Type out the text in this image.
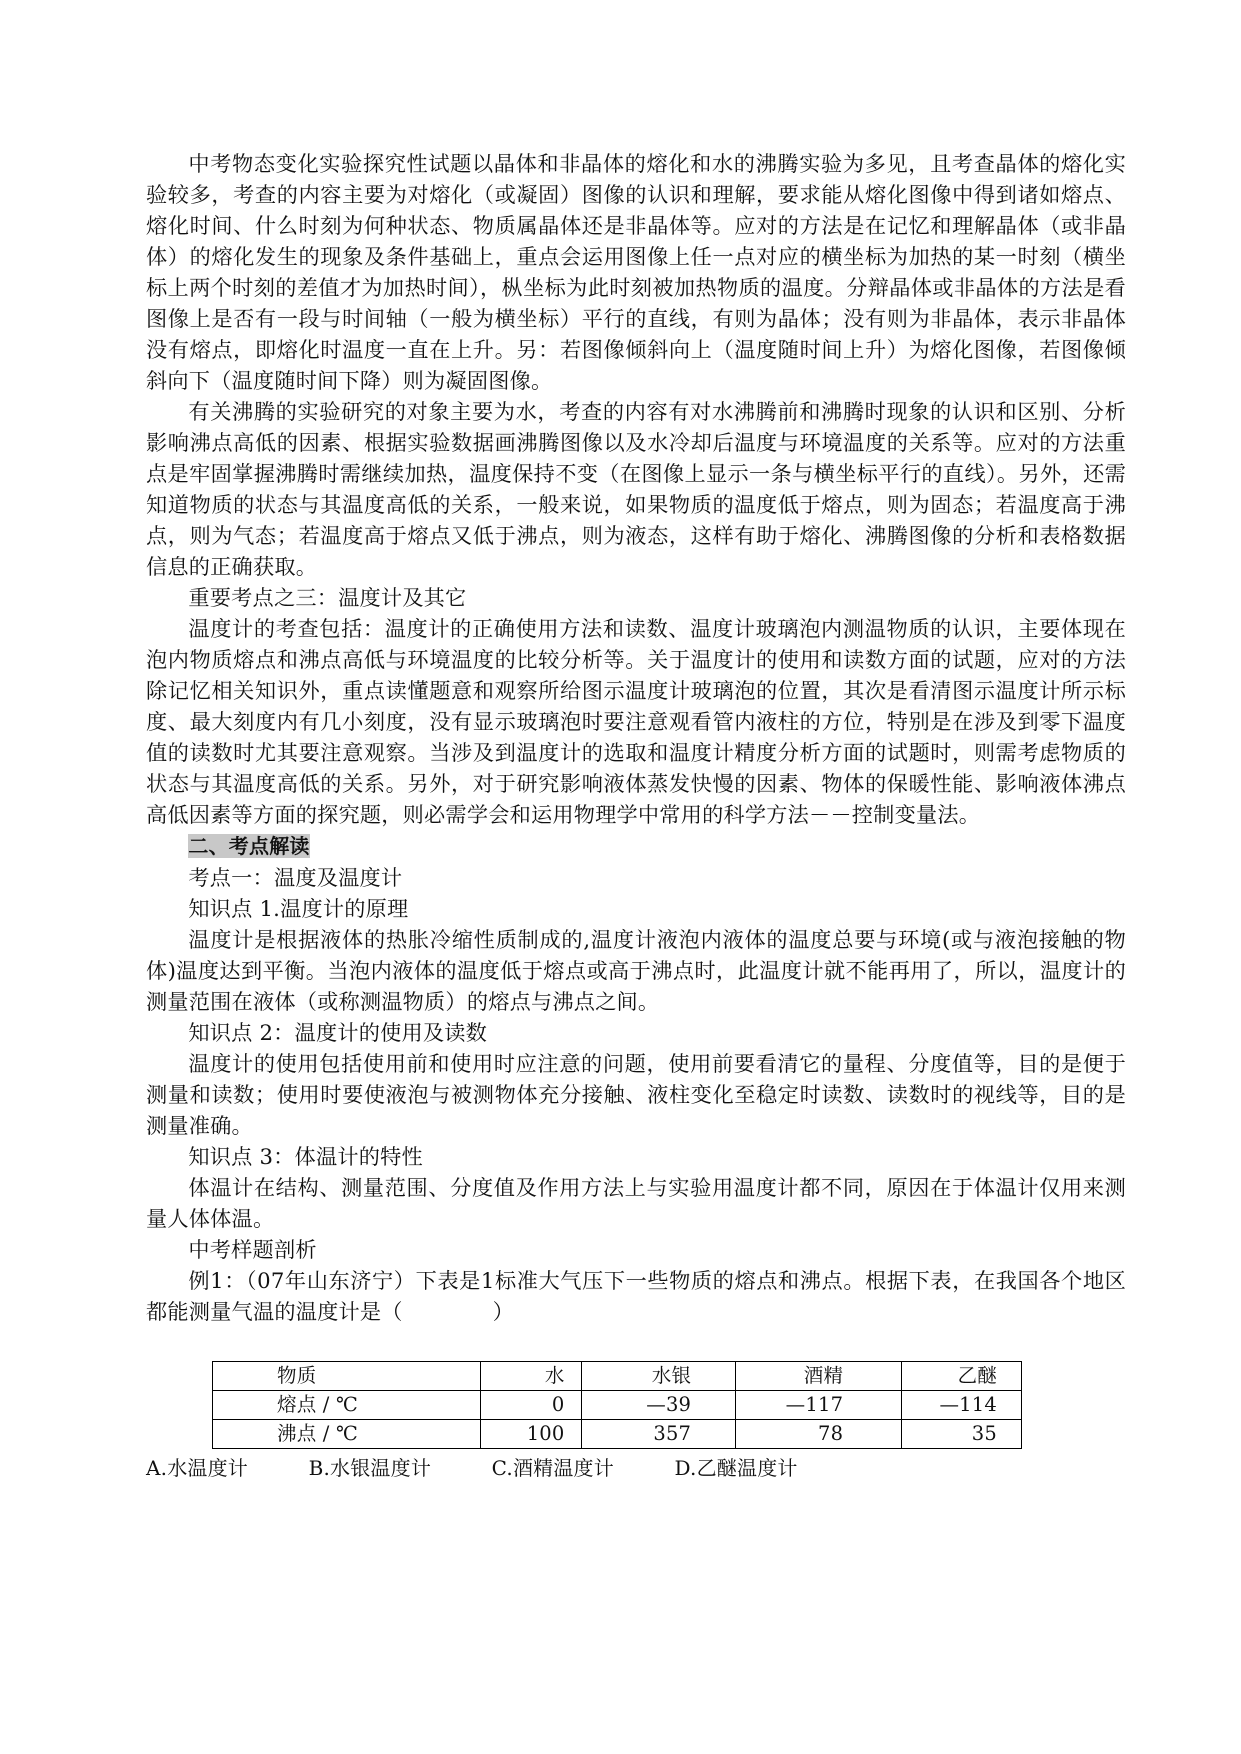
中考物态变化实验探究性试题以晶体和非晶体的熔化和水的沸腾实验为多见，且考查晶体的熔化实验较多，考查的内容主要为对熔化（或凝固）图像的认识和理解，要求能从熔化图像中得到诸如熔点、熔化时间、什么时刻为何种状态、物质属晶体还是非晶体等。应对的方法是在记忆和理解晶体（或非晶体）的熔化发生的现象及条件基础上，重点会运用图像上任一点对应的横坐标为加热的某一时刻（横坐标上两个时刻的差值才为加热时间），枞坐标为此时刻被加热物质的温度。分辩晶体或非晶体的方法是看图像上是否有一段与时间轴（一般为横坐标）平行的直线，有则为晶体；没有则为非晶体，表示非晶体没有熔点，即熔化时温度一直在上升。另：若图像倾斜向上（温度随时间上升）为熔化图像，若图像倾斜向下（温度随时间下降）则为凝固图像。

有关沸腾的实验研究的对象主要为水，考查的内容有对水沸腾前和沸腾时现象的认识和区别、分析影响沸点高低的因素、根据实验数据画沸腾图像以及水冷却后温度与环境温度的关系等。应对的方法重点是牢固掌握沸腾时需继续加热，温度保持不变（在图像上显示一条与横坐标平行的直线）。另外，还需知道物质的状态与其温度高低的关系，一般来说，如果物质的温度低于熔点，则为固态；若温度高于沸点，则为气态；若温度高于熔点又低于沸点，则为液态，这样有助于熔化、沸腾图像的分析和表格数据信息的正确获取。

重要考点之三：温度计及其它

温度计的考查包括：温度计的正确使用方法和读数、温度计玻璃泡内测温物质的认识，主要体现在泡内物质熔点和沸点高低与环境温度的比较分析等。关于温度计的使用和读数方面的试题，应对的方法除记忆相关知识外，重点读懂题意和观察所给图示温度计玻璃泡的位置，其次是看清图示温度计所示标度、最大刻度内有几小刻度，没有显示玻璃泡时要注意观看管内液柱的方位，特别是在涉及到零下温度值的读数时尤其要注意观察。当涉及到温度计的选取和温度计精度分析方面的试题时，则需考虑物质的状态与其温度高低的关系。另外，对于研究影响液体蒸发快慢的因素、物体的保暖性能、影响液体沸点高低因素等方面的探究题，则必需学会和运用物理学中常用的科学方法－－控制变量法。

二、考点解读

考点一：温度及温度计

知识点 1.温度计的原理

温度计是根据液体的热胀冷缩性质制成的,温度计液泡内液体的温度总要与环境(或与液泡接触的物体)温度达到平衡。当泡内液体的温度低于熔点或高于沸点时，此温度计就不能再用了，所以，温度计的测量范围在液体（或称测温物质）的熔点与沸点之间。

知识点 2：温度计的使用及读数

温度计的使用包括使用前和使用时应注意的问题，使用前要看清它的量程、分度值等，目的是便于测量和读数；使用时要使液泡与被测物体充分接触、液柱变化至稳定时读数、读数时的视线等，目的是测量准确。

知识点 3：体温计的特性

体温计在结构、测量范围、分度值及作用方法上与实验用温度计都不同，原因在于体温计仅用来测量人体体温。

中考样题剖析

例1：（07年山东济宁）下表是1标准大气压下一些物质的熔点和沸点。根据下表，在我国各个地区都能测量气温的温度计是（	）

物质	水	水银	酒精	乙醚
熔点 / ℃	0	—39	—117	—114
沸点 / ℃	100	357	78	35

A.水温度计	B.水银温度计	C.酒精温度计	D.乙醚温度计
